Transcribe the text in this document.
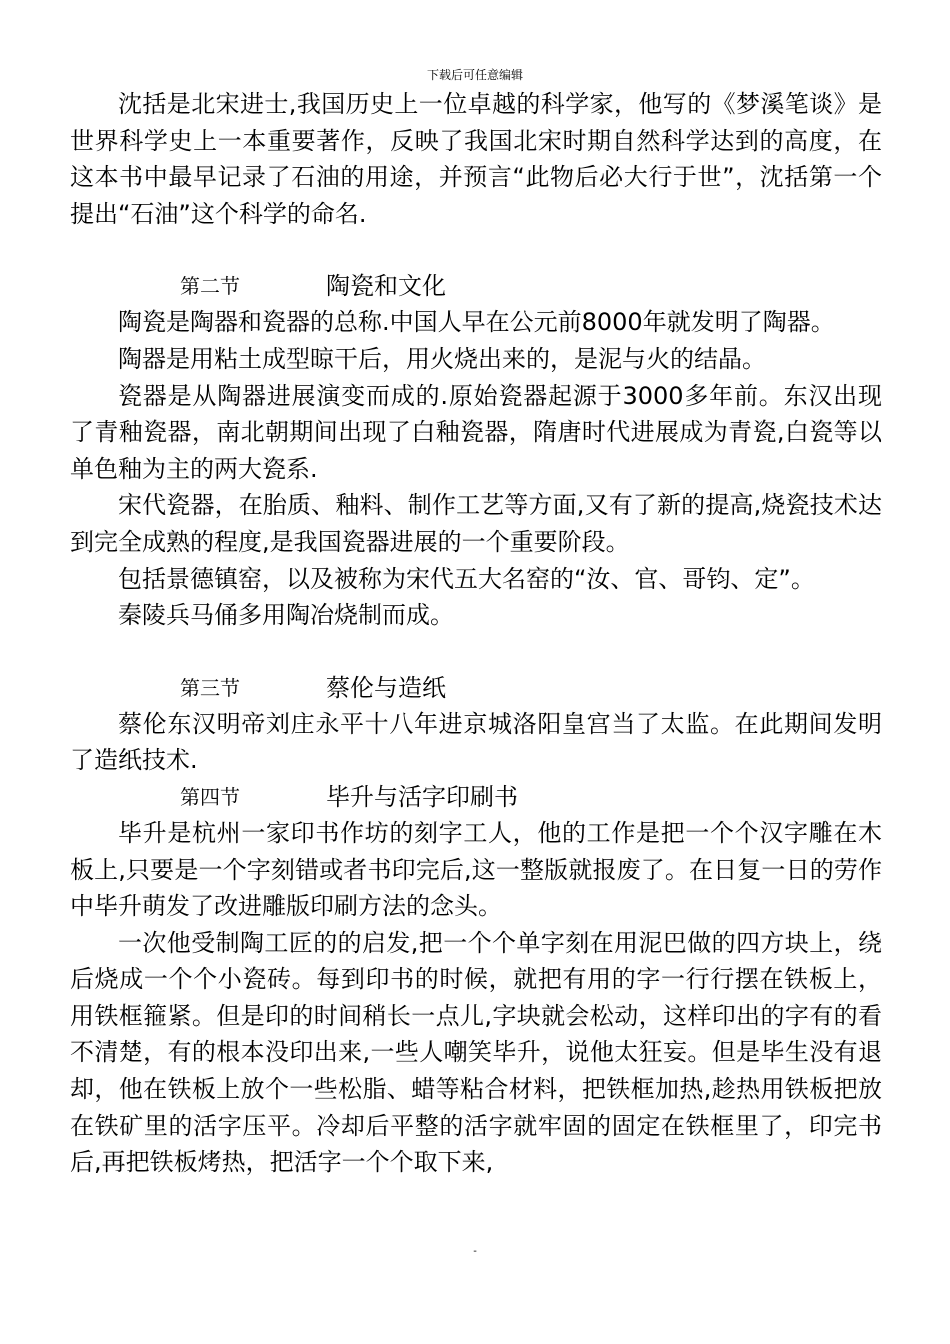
下载后可任意编辑

沈括是北宋进士,我国历史上一位卓越的科学家，他写的《梦溪笔谈》是世界科学史上一本重要著作，反映了我国北宋时期自然科学达到的高度，在这本书中最早记录了石油的用途，并预言“此物后必大行于世”，沈括第一个提出“石油”这个科学的命名.

第二节	陶瓷和文化

陶瓷是陶器和瓷器的总称.中国人早在公元前8000年就发明了陶器。

陶器是用粘土成型晾干后，用火烧出来的，是泥与火的结晶。

瓷器是从陶器进展演变而成的.原始瓷器起源于3000多年前。东汉出现了青釉瓷器，南北朝期间出现了白釉瓷器，隋唐时代进展成为青瓷,白瓷等以单色釉为主的两大瓷系.

宋代瓷器，在胎质、釉料、制作工艺等方面,又有了新的提高,烧瓷技术达到完全成熟的程度,是我国瓷器进展的一个重要阶段。

包括景德镇窑，以及被称为宋代五大名窑的“汝、官、哥钧、定”。

秦陵兵马俑多用陶冶烧制而成。

第三节	蔡伦与造纸

蔡伦东汉明帝刘庄永平十八年进京城洛阳皇宫当了太监。在此期间发明了造纸技术.

第四节	毕升与活字印刷书

毕升是杭州一家印书作坊的刻字工人，他的工作是把一个个汉字雕在木板上,只要是一个字刻错或者书印完后,这一整版就报废了。在日复一日的劳作中毕升萌发了改进雕版印刷方法的念头。

一次他受制陶工匠的的启发,把一个个单字刻在用泥巴做的四方块上，绕后烧成一个个小瓷砖。每到印书的时候，就把有用的字一行行摆在铁板上，用铁框箍紧。但是印的时间稍长一点儿,字块就会松动，这样印出的字有的看不清楚，有的根本没印出来,一些人嘲笑毕升，说他太狂妄。但是毕生没有退却，他在铁板上放个一些松脂、蜡等粘合材料，把铁框加热,趁热用铁板把放在铁矿里的活字压平。冷却后平整的活字就牢固的固定在铁框里了，印完书后,再把铁板烤热，把活字一个个取下来,

-
